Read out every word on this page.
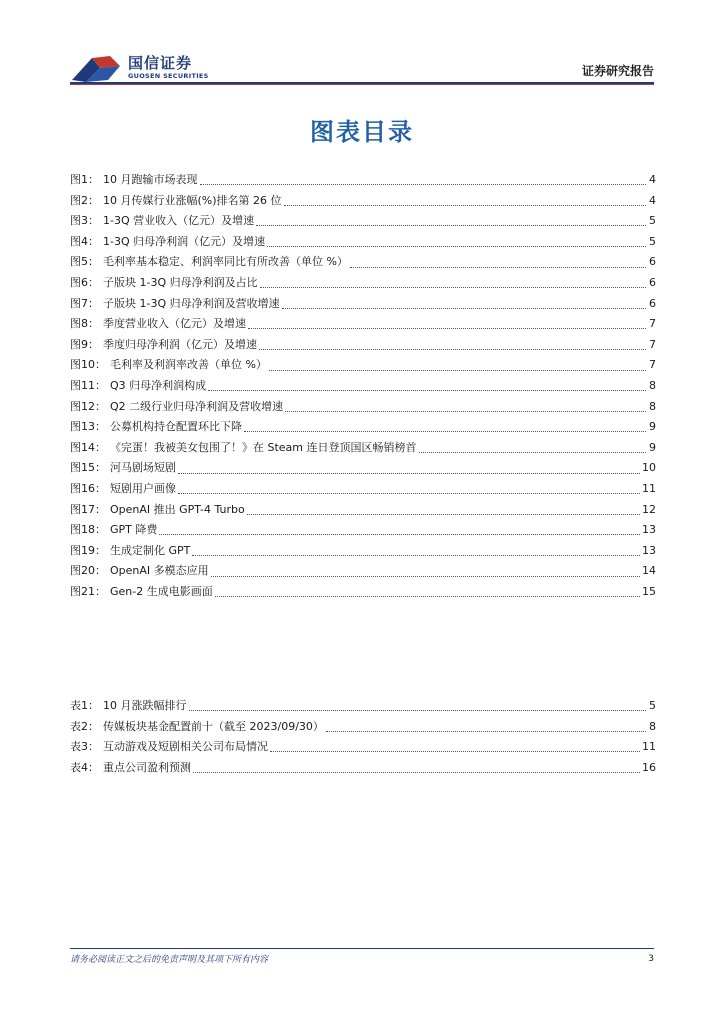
国信证券
GUOSEN SECURITIES	证券研究报告
图表目录
图1： 10 月跑输市场表现	4
图2： 10 月传媒行业涨幅(%)排名第 26 位	4
图3： 1-3Q 营业收入（亿元）及增速	5
图4： 1-3Q 归母净利润（亿元）及增速	5
图5： 毛利率基本稳定、利润率同比有所改善（单位 %）	6
图6： 子版块 1-3Q 归母净利润及占比	6
图7： 子版块 1-3Q 归母净利润及营收增速	6
图8： 季度营业收入（亿元）及增速	7
图9： 季度归母净利润（亿元）及增速	7
图10： 毛利率及利润率改善（单位 %）	7
图11： Q3 归母净利润构成	8
图12： Q2 二级行业归母净利润及营收增速	8
图13： 公募机构持仓配置环比下降	9
图14： 《完蛋！我被美女包围了！》在 Steam 连日登顶国区畅销榜首	9
图15： 河马剧场短剧	10
图16： 短剧用户画像	11
图17： OpenAI 推出 GPT-4 Turbo	12
图18： GPT 降费	13
图19： 生成定制化 GPT	13
图20： OpenAI 多模态应用	14
图21： Gen-2 生成电影画面	15
表1： 10 月涨跌幅排行	5
表2： 传媒板块基金配置前十（截至 2023/09/30）	8
表3： 互动游戏及短剧相关公司布局情况	11
表4： 重点公司盈利预测	16
请务必阅读正文之后的免责声明及其项下所有内容	3
